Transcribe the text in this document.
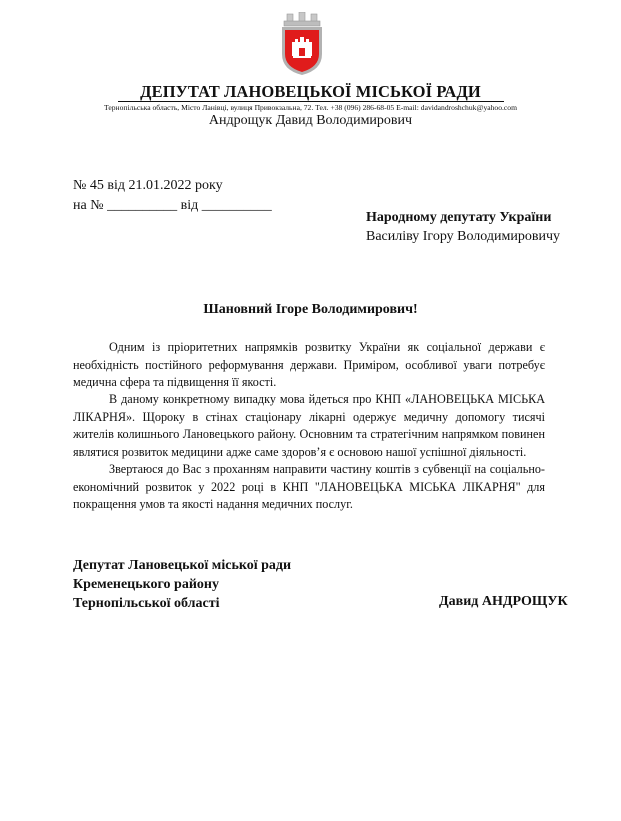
ДЕПУТАТ ЛАНОВЕЦЬКОЇ МІСЬКОЇ РАДИ
Тернопільська область, Місто Ланівці, вулиця Привокзальна, 72. Тел. +38 (096) 286-68-05 E-mail: davidandroshchuk@yahoo.com
Андрощук Давид Володимирович
№ 45 від 21.01.2022 року
на № __________ від __________
Народному депутату України
Василіву Ігору Володимировичу
Шановний Ігоре Володимирович!

Одним із пріоритетних напрямків розвитку України як соціальної держави є необхідність постійного реформування держави. Приміром, особливої уваги потребує медична сфера та підвищення її якості.

В даному конкретному випадку мова йдеться про КНП «ЛАНОВЕЦЬКА МІСЬКА ЛІКАРНЯ». Щороку в стінах стаціонару лікарні одержує медичну допомогу тисячі жителів колишнього Лановецького району. Основним та стратегічним напрямком повинен являтися розвиток медицини адже саме здоров’я є основою нашої успішної діяльності.

Звертаюся до Вас з проханням направити частину коштів з субвенції на соціально-економічний розвиток у 2022 році в КНП "ЛАНОВЕЦЬКА МІСЬКА ЛІКАРНЯ" для покращення умов та якості надання медичних послуг.

Депутат Лановецької міської ради
Кременецького району
Тернопільської області	Давид АНДРОЩУК
